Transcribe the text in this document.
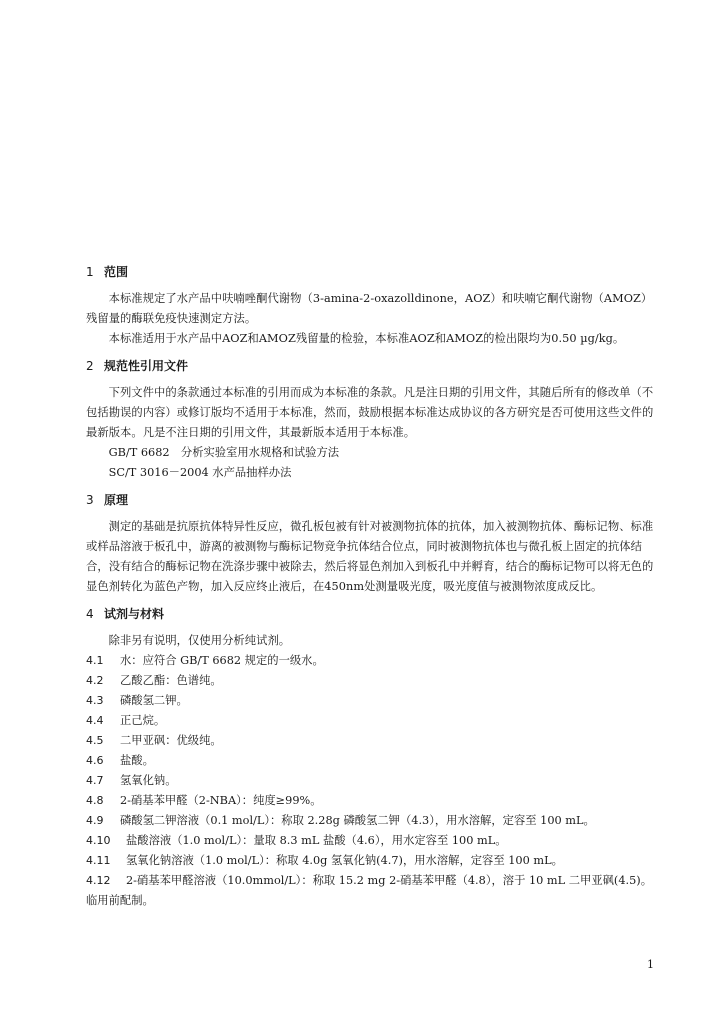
1 范围

本标准规定了水产品中呋喃唑酮代谢物（3-amina-2-oxazolldinone，AOZ）和呋喃它酮代谢物（AMOZ）残留量的酶联免疫快速测定方法。

本标准适用于水产品中AOZ和AMOZ残留量的检验，本标准AOZ和AMOZ的检出限均为0.50 µg/kg。

2 规范性引用文件

下列文件中的条款通过本标准的引用而成为本标准的条款。凡是注日期的引用文件，其随后所有的修改单（不包括勘误的内容）或修订版均不适用于本标准，然而，鼓励根据本标准达成协议的各方研究是否可使用这些文件的最新版本。凡是不注日期的引用文件，其最新版本适用于本标准。

GB/T 6682　分析实验室用水规格和试验方法

SC/T 3016－2004 水产品抽样办法

3 原理

测定的基础是抗原抗体特异性反应，微孔板包被有针对被测物抗体的抗体，加入被测物抗体、酶标记物、标准或样品溶液于板孔中，游离的被测物与酶标记物竞争抗体结合位点，同时被测物抗体也与微孔板上固定的抗体结合，没有结合的酶标记物在洗涤步骤中被除去，然后将显色剂加入到板孔中并孵育，结合的酶标记物可以将无色的显色剂转化为蓝色产物，加入反应终止液后，在450nm处测量吸光度，吸光度值与被测物浓度成反比。

4 试剂与材料

除非另有说明，仅使用分析纯试剂。

4.1 水：应符合 GB/T 6682 规定的一级水。

4.2 乙酸乙酯：色谱纯。

4.3 磷酸氢二钾。

4.4 正己烷。

4.5 二甲亚砜：优级纯。

4.6 盐酸。

4.7 氢氧化钠。

4.8 2-硝基苯甲醛（2-NBA）：纯度≥99%。

4.9 磷酸氢二钾溶液（0.1 mol/L）：称取 2.28g 磷酸氢二钾（4.3），用水溶解，定容至 100 mL。

4.10 盐酸溶液（1.0 mol/L）：量取 8.3 mL 盐酸（4.6），用水定容至 100 mL。

4.11 氢氧化钠溶液（1.0 mol/L）：称取 4.0g 氢氧化钠(4.7)，用水溶解，定容至 100 mL。

4.12 2-硝基苯甲醛溶液（10.0mmol/L）：称取 15.2 mg 2-硝基苯甲醛（4.8），溶于 10 mL 二甲亚砜(4.5)。临用前配制。

1
